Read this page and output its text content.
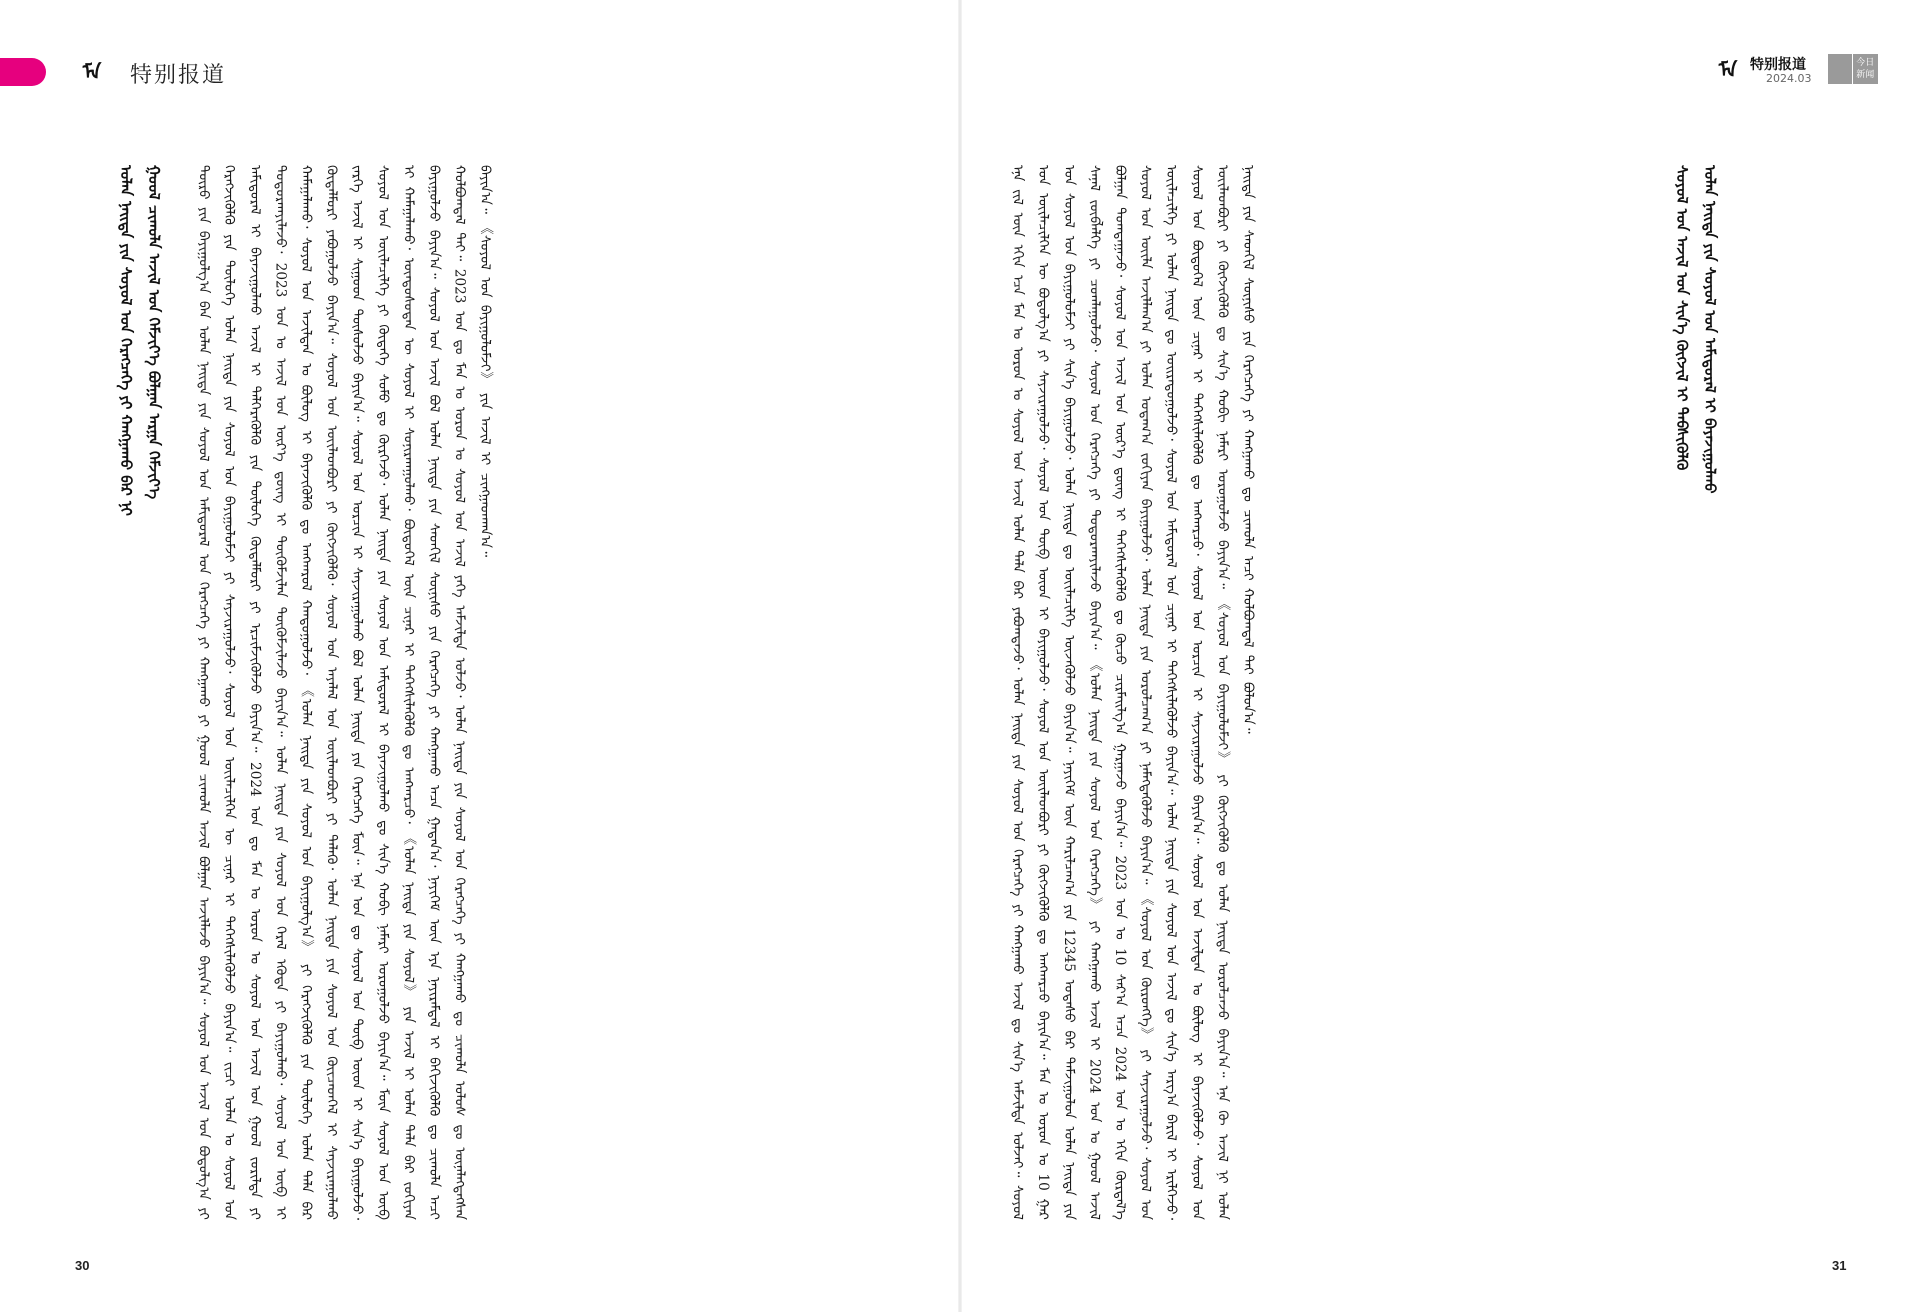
ᠮᠡ 特别报道
ᠲᠦᠷᠦ ᠶᠢᠨ ᠪᠠᠶᠢᠭᠤᠯᠭ᠎ᠠ ᠪᠠᠨ ᠣᠯᠠᠨ ᠨᠡᠢᠲᠡ ᠶᠢᠨ ᠰᠣᠶᠤᠯ ᠤᠨ ᠠᠮᠢᠳᠤᠷᠠᠯ ᠤᠨ ᠬᠡᠷᠡᠭᠴᠡᠭᠡ ᠶᠢ ᠬᠠᠩᠭᠠᠬᠤ ᠶᠢ ᠭᠣᠣᠯ ᠴᠢᠬᠤᠯᠠ ᠠᠵᠢᠯ ᠪᠣᠯᠭᠠᠨ ᠠᠵᠢᠯᠯᠠᠵᠤ ᠪᠠᠶᠢᠨ᠎ᠠ᠃ ᠰᠣᠶᠤᠯ ᠤᠨ ᠠᠵᠢᠯ ᠤᠨ ᠪᠣᠳᠤᠯᠭ᠎ᠠ ᠶᠢ ᠬᠡᠷᠡᠭᠵᠢᠭᠦᠯᠬᠦ ᠶᠢᠨ ᠲᠥᠯᠥᠭᠡ ᠣᠯᠠᠨ ᠨᠡᠢᠲᠡ ᠶᠢᠨ ᠰᠣᠶᠤᠯ ᠤᠨ ᠪᠠᠶᠢᠭᠤᠯᠤᠮᠵᠢ ᠶᠢ ᠰᠠᠶᠵᠢᠷᠠᠭᠤᠯᠵᠤ᠂ ᠰᠣᠶᠤᠯ ᠤᠨ ᠦᠢᠯᠡᠴᠢᠯᠭᠡᠨ ᠦ ᠴᠢᠨᠠᠷ ᠢ ᠳᠡᠭᠡᠭᠰᠢᠯᠡᠭᠦᠯᠵᠦ ᠪᠠᠶᠢᠨ᠎ᠠ᠃ ᠵᠢᠴᠢ ᠣᠯᠠᠨ ᠤ ᠰᠣᠶᠤᠯ ᠤᠨ ᠠᠮᠢᠳᠤᠷᠠᠯ ᠢ ᠪᠠᠶᠠᠵᠢᠭᠤᠯᠬᠤ ᠠᠵᠢᠯ ᠢ ᠳᠡᠯᠭᠡᠷᠡᠭᠦᠯᠬᠦ ᠶᠢᠨ ᠲᠥᠯᠥᠭᠡ ᠬᠥᠳᠡᠯᠮᠦᠷᠢ ᠶᠢ ᠡᠷᠴᠢᠮᠵᠢᠭᠦᠯᠵᠦ ᠪᠠᠶᠢᠨ᠎ᠠ᠃ 2024 ᠣᠨ ᠳᠤ ᠮᠠᠨ ᠤ ᠣᠷᠣᠨ ᠤ ᠰᠣᠶᠤᠯ ᠤᠨ ᠠᠵᠢᠯ ᠤᠨ ᠭᠣᠣᠯ ᠵᠣᠷᠢᠯᠲᠠ ᠶᠢ ᠲᠣᠳᠣᠷᠬᠠᠶᠢᠯᠠᠵᠤ᠂ 2023 ᠣᠨ ᠤ ᠠᠵᠢᠯ ᠤᠨ ᠦᠷ᠎ᠡ ᠳ᠋ᠦᠩ ᠢ ᠳᠦᠭᠦᠮᠵᠢᠯᠡᠨ ᠳᠦᠭᠦᠮᠵᠢᠯᠡᠵᠦ ᠪᠠᠶᠢᠨ᠎ᠠ᠃ ᠣᠯᠠᠨ ᠨᠡᠢᠲᠡ ᠶᠢᠨ ᠰᠣᠶᠤᠯ ᠤᠨ ᠭᠡᠷᠡᠯ ᠡᠭᠦᠳᠡ ᠶᠢ ᠪᠠᠶᠢᠭᠤᠯᠬᠤ᠂ ᠰᠣᠶᠤᠯ ᠤᠨ ᠥᠪ ᠢ ᠬᠠᠮᠠᠭᠠᠯᠠᠬᠤ᠂ ᠰᠣᠶᠤᠯ ᠤᠨ ᠠᠵᠢᠯᠲᠠᠨ ᠤ ᠪᠦᠯᠦᠭ ᠢ ᠪᠡᠶᠡᠵᠢᠭᠦᠯᠬᠦ ᠳᠤ ᠠᠩᠬᠠᠷᠤᠯ ᠬᠠᠨᠳᠤᠭᠤᠯᠵᠤ᠂ 《ᠣᠯᠠᠨ ᠨᠡᠢᠲᠡ ᠶᠢᠨ ᠰᠣᠶᠤᠯ ᠤᠨ ᠪᠠᠶᠢᠭᠤᠯᠭ᠎ᠠ》 ᠶᠢ ᠬᠡᠷᠡᠭᠵᠢᠭᠦᠯᠬᠦ ᠶᠢᠨ ᠲᠥᠯᠥᠭᠡ ᠣᠯᠠᠨ ᠲᠠᠯᠠ ᠪᠠᠷ ᠬᠥᠳᠡᠯᠮᠦᠷᠢ ᠶᠠᠪᠤᠭᠤᠯᠵᠤ ᠪᠠᠶᠢᠨ᠎ᠠ᠃ ᠰᠣᠶᠤᠯ ᠤᠨ ᠦᠢᠯᠡᠳᠪᠦᠷᠢ ᠶᠢ ᠬᠥᠭᠵᠢᠭᠦᠯᠬᠦ᠂ ᠰᠣᠶᠤᠯ ᠤᠨ ᠠᠶᠠᠯᠠᠯ ᠤᠨ ᠦᠢᠯᠡᠳᠪᠦᠷᠢ ᠶᠢ ᠲᠡᠯᠡᠬᠦ᠂ ᠣᠯᠠᠨ ᠨᠡᠢᠲᠡ ᠶᠢᠨ ᠰᠣᠶᠤᠯ ᠤᠨ ᠭᠦᠢᠴᠡᠳᠬᠡᠯ ᠢ ᠰᠠᠶᠵᠢᠷᠠᠭᠤᠯᠬᠤ ᠵᠡᠷᠭᠡ ᠠᠵᠢᠯ ᠢ ᠰᠢᠭᠤᠳ ᠲᠥᠰᠦᠯᠵᠦ ᠪᠠᠶᠢᠨ᠎ᠠ᠃ ᠰᠣᠶᠤᠯ ᠤᠨ ᠣᠷᠴᠢᠨ ᠢ ᠰᠠᠶᠵᠢᠷᠠᠭᠤᠯᠬᠤ ᠪᠣᠯ ᠣᠯᠠᠨ ᠨᠡᠢᠲᠡ ᠶᠢᠨ ᠬᠡᠷᠡᠭᠴᠡᠭᠡ ᠮᠥᠨ᠃ ᠡᠨᠡ ᠣᠨ ᠳᠤ ᠰᠣᠶᠤᠯ ᠤᠨ ᠲᠥᠪ ᠦᠳ ᠢ ᠰᠢᠨ᠎ᠡ ᠪᠠᠶᠢᠭᠤᠯᠵᠤ᠂ ᠰᠣᠶᠤᠯ ᠤᠨ ᠦᠢᠯᠡᠴᠢᠯᠭᠡ ᠶᠢ ᠬᠥᠳᠡᠭᠡ ᠰᠤᠮᠤ ᠳᠤ ᠬᠦᠷᠬᠡᠵᠦ᠂ ᠣᠯᠠᠨ ᠨᠡᠢᠲᠡ ᠶᠢᠨ ᠰᠣᠶᠤᠯ ᠤᠨ ᠠᠮᠢᠳᠤᠷᠠᠯ ᠢ ᠪᠠᠶᠠᠵᠢᠭᠤᠯᠬᠤ ᠳᠤ ᠰᠢᠨ᠎ᠡ ᠬᠤᠪᠢ ᠨᠡᠮᠡᠷᠢ ᠣᠷᠣᠭᠤᠯᠵᠤ ᠪᠠᠶᠢᠨ᠎ᠠ᠃ ᠮᠥᠨ ᠰᠣᠶᠤᠯ ᠤᠨ ᠥᠪ ᠢ ᠬᠠᠮᠠᠭᠠᠯᠠᠬᠤ᠂ ᠦᠨᠳᠦᠰᠦᠲᠡᠨ ᠦ ᠰᠣᠶᠤᠯ ᠢ ᠰᠣᠨᠢᠷᠬᠠᠭᠤᠯᠬᠤ᠂ ᠪᠦᠲᠦᠭᠡᠯ ᠦᠨ ᠴᠢᠨᠠᠷ ᠢ ᠳᠡᠭᠡᠭᠰᠢᠯᠡᠭᠦᠯᠬᠦ ᠳᠤ ᠠᠩᠬᠠᠷᠴᠤ᠂ 《ᠣᠯᠠᠨ ᠨᠡᠢᠲᠡ ᠶᠢᠨ ᠰᠣᠶᠤᠯ》 ᠶᠢᠨ ᠠᠵᠢᠯ ᠢ ᠣᠯᠠᠨ ᠲᠠᠯᠠ ᠪᠠᠷ ᠵᠣᠬᠢᠶᠠᠨ ᠪᠠᠶᠢᠭᠤᠯᠵᠤ ᠪᠠᠶᠢᠨ᠎ᠠ᠃ ᠰᠣᠶᠤᠯ ᠤᠨ ᠠᠵᠢᠯ ᠪᠣᠯ ᠣᠯᠠᠨ ᠨᠡᠢᠲᠡ ᠶᠢᠨ ᠰᠡᠳᠬᠢᠯ ᠰᠦᠨᠢᠰᠦ ᠶᠢᠨ ᠬᠡᠷᠡᠭᠴᠡᠭᠡ ᠶᠢ ᠬᠠᠩᠭᠠᠬᠤ ᠠᠴᠠ ᠭᠠᠳᠠᠨ᠎ᠠ᠂ ᠨᠡᠶᠢᠭᠡᠮ ᠦᠨ ᠡᠶᠡ ᠨᠠᠶᠢᠷᠠᠮᠳᠠᠯ ᠢ ᠪᠡᠬᠢᠵᠢᠭᠦᠯᠬᠦ ᠳᠤ ᠴᠢᠬᠤᠯᠠ ᠠᠴᠢ ᠬᠣᠯᠪᠣᠭᠳᠠᠯ ᠲᠠᠶ᠃ 2023 ᠣᠨ ᠳᠤ ᠮᠠᠨ ᠤ ᠣᠷᠣᠨ ᠤ ᠰᠣᠶᠤᠯ ᠤᠨ ᠠᠵᠢᠯ ᠶᠡᠬᠡ ᠠᠮᠵᠢᠯᠲᠠ ᠣᠯᠵᠤ᠂ ᠣᠯᠠᠨ ᠨᠡᠢᠲᠡ ᠶᠢᠨ ᠰᠣᠶᠤᠯ ᠤᠨ ᠬᠡᠷᠡᠭᠴᠡᠭᠡ ᠶᠢ ᠬᠠᠩᠭᠠᠬᠤ ᠳᠤ ᠴᠢᠬᠤᠯᠠ ᠤᠯᠤᠰ ᠳᠤ ᠦᠨᠡᠯᠡᠭᠳᠡᠭᠰᠡᠨ ᠪᠠᠶᠢᠨ᠎ᠠ᠃ 《ᠰᠣᠶᠤᠯ ᠤᠨ ᠪᠠᠶᠢᠭᠤᠯᠤᠮᠵᠢ》 ᠶᠢᠨ ᠠᠵᠢᠯ ᠢ ᠴᠢᠩᠭᠠᠳᠭᠠᠨ᠎ᠠ᠃
ᠣᠯᠠᠨ ᠨᠡᠢᠲᠡ ᠶᠢᠨ ᠰᠣᠶᠤᠯ ᠤᠨ ᠬᠡᠷᠡᠭᠴᠡᠭᠡ ᠶᠢ ᠬᠠᠩᠭᠠᠬᠤ ᠪᠠᠷ ᠨᠢ ᠭᠣᠣᠯ ᠴᠢᠬᠤᠯᠠ ᠠᠵᠢᠯ ᠤᠨ ᠬᠡᠮᠵᠢᠶ᠎ᠡ ᠪᠣᠯᠭᠠᠨ ᠠᠷᠭᠠ ᠬᠡᠮᠵᠢᠶ᠎ᠡ
30
ᠮᠡ 特别报道
2024.03
今日新闻
ᠰᠣᠶᠤᠯ ᠤᠨ ᠠᠵᠢᠯ ᠤᠨ ᠰᠢᠨ᠎ᠡ ᠬᠥᠭᠵᠢᠯ ᠢ ᠳᠡᠪᠰᠢᠭᠦᠯᠬᠦ ᠣᠯᠠᠨ ᠨᠡᠢᠲᠡ ᠶᠢᠨ ᠰᠣᠶᠤᠯ ᠤᠨ ᠠᠮᠢᠳᠤᠷᠠᠯ ᠢ ᠪᠠᠶᠠᠵᠢᠭᠤᠯᠬᠤ
ᠡᠨᠡ ᠵᠢᠯ ᠦᠨ ᠡᠬᠢᠨ ᠡᠴᠡ ᠮᠠᠨ ᠤ ᠣᠷᠣᠨ ᠤ ᠰᠣᠶᠤᠯ ᠤᠨ ᠠᠵᠢᠯ ᠣᠯᠠᠨ ᠲᠠᠯᠠ ᠪᠠᠷ ᠶᠠᠪᠤᠭᠳᠠᠵᠤ᠂ ᠣᠯᠠᠨ ᠨᠡᠢᠲᠡ ᠶᠢᠨ ᠰᠣᠶᠤᠯ ᠤᠨ ᠬᠡᠷᠡᠭᠴᠡᠭᠡ ᠶᠢ ᠬᠠᠩᠭᠠᠬᠤ ᠠᠵᠢᠯ ᠳᠤ ᠰᠢᠨ᠎ᠡ ᠠᠮᠵᠢᠯᠲᠠ ᠣᠯᠵᠠᠢ᠃ ᠰᠣᠶᠤᠯ ᠤᠨ ᠦᠢᠯᠡᠴᠢᠯᠭᠡᠨ ᠦ ᠪᠣᠳᠤᠯᠭ᠎ᠠ ᠶᠢ ᠰᠠᠶᠵᠢᠷᠠᠭᠤᠯᠵᠤ᠂ ᠰᠣᠶᠤᠯ ᠤᠨ ᠲᠥᠪ ᠦᠳ ᠢ ᠪᠠᠶᠢᠭᠤᠯᠵᠤ᠂ ᠰᠣᠶᠤᠯ ᠤᠨ ᠦᠢᠯᠡᠳᠪᠦᠷᠢ ᠶᠢ ᠬᠥᠭᠵᠢᠭᠦᠯᠬᠦ ᠳᠤ ᠠᠩᠬᠠᠷᠴᠤ ᠪᠠᠶᠢᠨ᠎ᠠ᠃ ᠮᠠᠨ ᠤ ᠣᠷᠣᠨ ᠤ 10 ᠭᠠᠷ ᠤᠨ ᠰᠣᠶᠤᠯ ᠤᠨ ᠪᠠᠶᠢᠭᠤᠯᠤᠮᠵᠢ ᠶᠢ ᠰᠢᠨ᠎ᠡ ᠪᠠᠶᠢᠭᠤᠯᠵᠤ᠂ ᠣᠯᠠᠨ ᠨᠡᠢᠲᠡ ᠳᠤ ᠦᠢᠯᠡᠴᠢᠯᠭᠡ ᠦᠵᠡᠭᠦᠯᠵᠦ ᠪᠠᠶᠢᠨ᠎ᠠ᠃ ᠨᠡᠶᠢᠭᠡᠮ ᠦᠨ ᠬᠠᠷᠢᠯᠴᠠᠭ᠎ᠠ ᠶᠢᠨ 12345 ᠤᠲᠠᠰᠤ ᠪᠠᠷ ᠳᠠᠮᠵᠢᠭᠤᠯᠤᠨ ᠣᠯᠠᠨ ᠨᠡᠢᠲᠡ ᠶᠢᠨ ᠰᠠᠨᠠᠯ ᠵᠦᠪᠯᠡᠯᠭᠡ ᠶᠢ ᠴᠤᠭᠯᠠᠭᠤᠯᠵᠤ᠂ ᠰᠣᠶᠤᠯ ᠤᠨ ᠬᠡᠷᠡᠭᠴᠡᠭᠡ ᠶᠢ ᠲᠣᠳᠣᠷᠬᠠᠶᠢᠯᠠᠵᠤ ᠪᠠᠶᠢᠨ᠎ᠠ᠃ 《ᠣᠯᠠᠨ ᠨᠡᠢᠲᠡ ᠶᠢᠨ ᠰᠣᠶᠤᠯ ᠤᠨ ᠬᠡᠷᠡᠭᠴᠡᠭᠡ》 ᠶᠢ ᠬᠠᠩᠭᠠᠬᠤ ᠠᠵᠢᠯ ᠢ 2024 ᠣᠨ ᠤ ᠭᠣᠣᠯ ᠠᠵᠢᠯ ᠪᠣᠯᠭᠠᠨ ᠲᠣᠭᠲᠠᠭᠠᠵᠤ᠂ ᠰᠣᠶᠤᠯ ᠤᠨ ᠠᠵᠢᠯ ᠤᠨ ᠦᠷ᠎ᠡ ᠳ᠋ᠦᠩ ᠢ ᠳᠡᠭᠡᠭᠰᠢᠯᠡᠭᠦᠯᠬᠦ ᠳᠤ ᠬᠦᠴᠦ ᠴᠢᠷᠮᠠᠢᠯᠭ᠎ᠠ ᠭᠠᠷᠭᠠᠵᠤ ᠪᠠᠶᠢᠨ᠎ᠠ᠃ 2023 ᠣᠨ ᠤ 10 ᠰᠠᠷ᠎ᠠ ᠠᠴᠠ 2024 ᠣᠨ ᠤ ᠡᠬᠢᠨ ᠬᠦᠷᠲᠡᠯ᠎ᠡ ᠰᠣᠶᠤᠯ ᠤᠨ ᠦᠢᠯᠡ ᠠᠵᠢᠯᠯᠠᠭ᠎ᠠ ᠶᠢ ᠣᠯᠠᠨ ᠤᠳᠠᠭ᠎ᠠ ᠵᠣᠬᠢᠶᠠᠨ ᠪᠠᠶᠢᠭᠤᠯᠵᠤ᠂ ᠣᠯᠠᠨ ᠨᠡᠢᠲᠡ ᠶᠢᠨ ᠣᠷᠣᠯᠴᠠᠭ᠎ᠠ ᠶᠢ ᠨᠡᠮᠡᠭᠳᠡᠭᠦᠯᠵᠦ ᠪᠠᠶᠢᠨ᠎ᠠ᠃ 《ᠰᠣᠶᠤᠯ ᠤᠨ ᠬᠥᠷᠥᠩᠭᠡ》 ᠶᠢ ᠰᠠᠶᠵᠢᠷᠠᠭᠤᠯᠵᠤ᠂ ᠰᠣᠶᠤᠯ ᠤᠨ ᠦᠢᠯᠡᠴᠢᠯᠭᠡ ᠶᠢ ᠣᠯᠠᠨ ᠨᠡᠢᠲᠡ ᠳᠤ ᠣᠢᠷᠠᠲᠤᠭᠤᠯᠵᠤ᠂ ᠰᠣᠶᠤᠯ ᠤᠨ ᠠᠮᠢᠳᠤᠷᠠᠯ ᠤᠨ ᠴᠢᠨᠠᠷ ᠢ ᠳᠡᠭᠡᠭᠰᠢᠯᠡᠭᠦᠯᠵᠦ ᠪᠠᠶᠢᠨ᠎ᠠ᠃ ᠣᠯᠠᠨ ᠨᠡᠢᠲᠡ ᠶᠢᠨ ᠰᠣᠶᠤᠯ ᠤᠨ ᠠᠵᠢᠯ ᠳᠤ ᠰᠢᠨ᠎ᠡ ᠠᠷᠭ᠎ᠠ ᠪᠠᠷᠢᠯ ᠢ ᠡᠷᠢᠯᠬᠡᠵᠦ᠂ ᠰᠣᠶᠤᠯ ᠤᠨ ᠪᠦᠲᠦᠭᠡᠯ ᠦᠨ ᠴᠢᠨᠠᠷ ᠢ ᠳᠡᠭᠡᠭᠰᠢᠯᠡᠭᠦᠯᠬᠦ ᠳᠤ ᠠᠩᠬᠠᠷᠴᠤ᠂ ᠰᠣᠶᠤᠯ ᠤᠨ ᠣᠷᠴᠢᠨ ᠢ ᠰᠠᠶᠵᠢᠷᠠᠭᠤᠯᠵᠤ ᠪᠠᠶᠢᠨ᠎ᠠ᠃ ᠰᠣᠶᠤᠯ ᠤᠨ ᠠᠵᠢᠯᠲᠠᠨ ᠤ ᠪᠦᠯᠦᠭ ᠢ ᠪᠡᠶᠡᠵᠢᠭᠦᠯᠵᠦ᠂ ᠰᠣᠶᠤᠯ ᠤᠨ ᠦᠢᠯᠡᠳᠪᠦᠷᠢ ᠶᠢ ᠬᠥᠭᠵᠢᠭᠦᠯᠬᠦ ᠳᠤ ᠰᠢᠨ᠎ᠡ ᠬᠤᠪᠢ ᠨᠡᠮᠡᠷᠢ ᠣᠷᠣᠭᠤᠯᠵᠤ ᠪᠠᠶᠢᠨ᠎ᠠ᠃ 《ᠰᠣᠶᠤᠯ ᠤᠨ ᠪᠠᠶᠢᠭᠤᠯᠤᠮᠵᠢ》 ᠶᠢ ᠬᠥᠭᠵᠢᠭᠦᠯᠬᠦ ᠳᠤ ᠣᠯᠠᠨ ᠨᠡᠢᠲᠡ ᠣᠷᠣᠯᠴᠠᠵᠤ ᠪᠠᠶᠢᠨ᠎ᠠ᠃ ᠡᠨᠡ ᠬᠦ ᠠᠵᠢᠯ ᠨᠢ ᠣᠯᠠᠨ ᠨᠡᠢᠲᠡ ᠶᠢᠨ ᠰᠡᠳᠬᠢᠯ ᠰᠦᠨᠢᠰᠦ ᠶᠢᠨ ᠬᠡᠷᠡᠭᠴᠡᠭᠡ ᠶᠢ ᠬᠠᠩᠭᠠᠬᠤ ᠳᠤ ᠴᠢᠬᠤᠯᠠ ᠠᠴᠢ ᠬᠣᠯᠪᠣᠭᠳᠠᠯ ᠲᠠᠶ ᠪᠣᠯᠤᠨ᠎ᠠ᠃
31
